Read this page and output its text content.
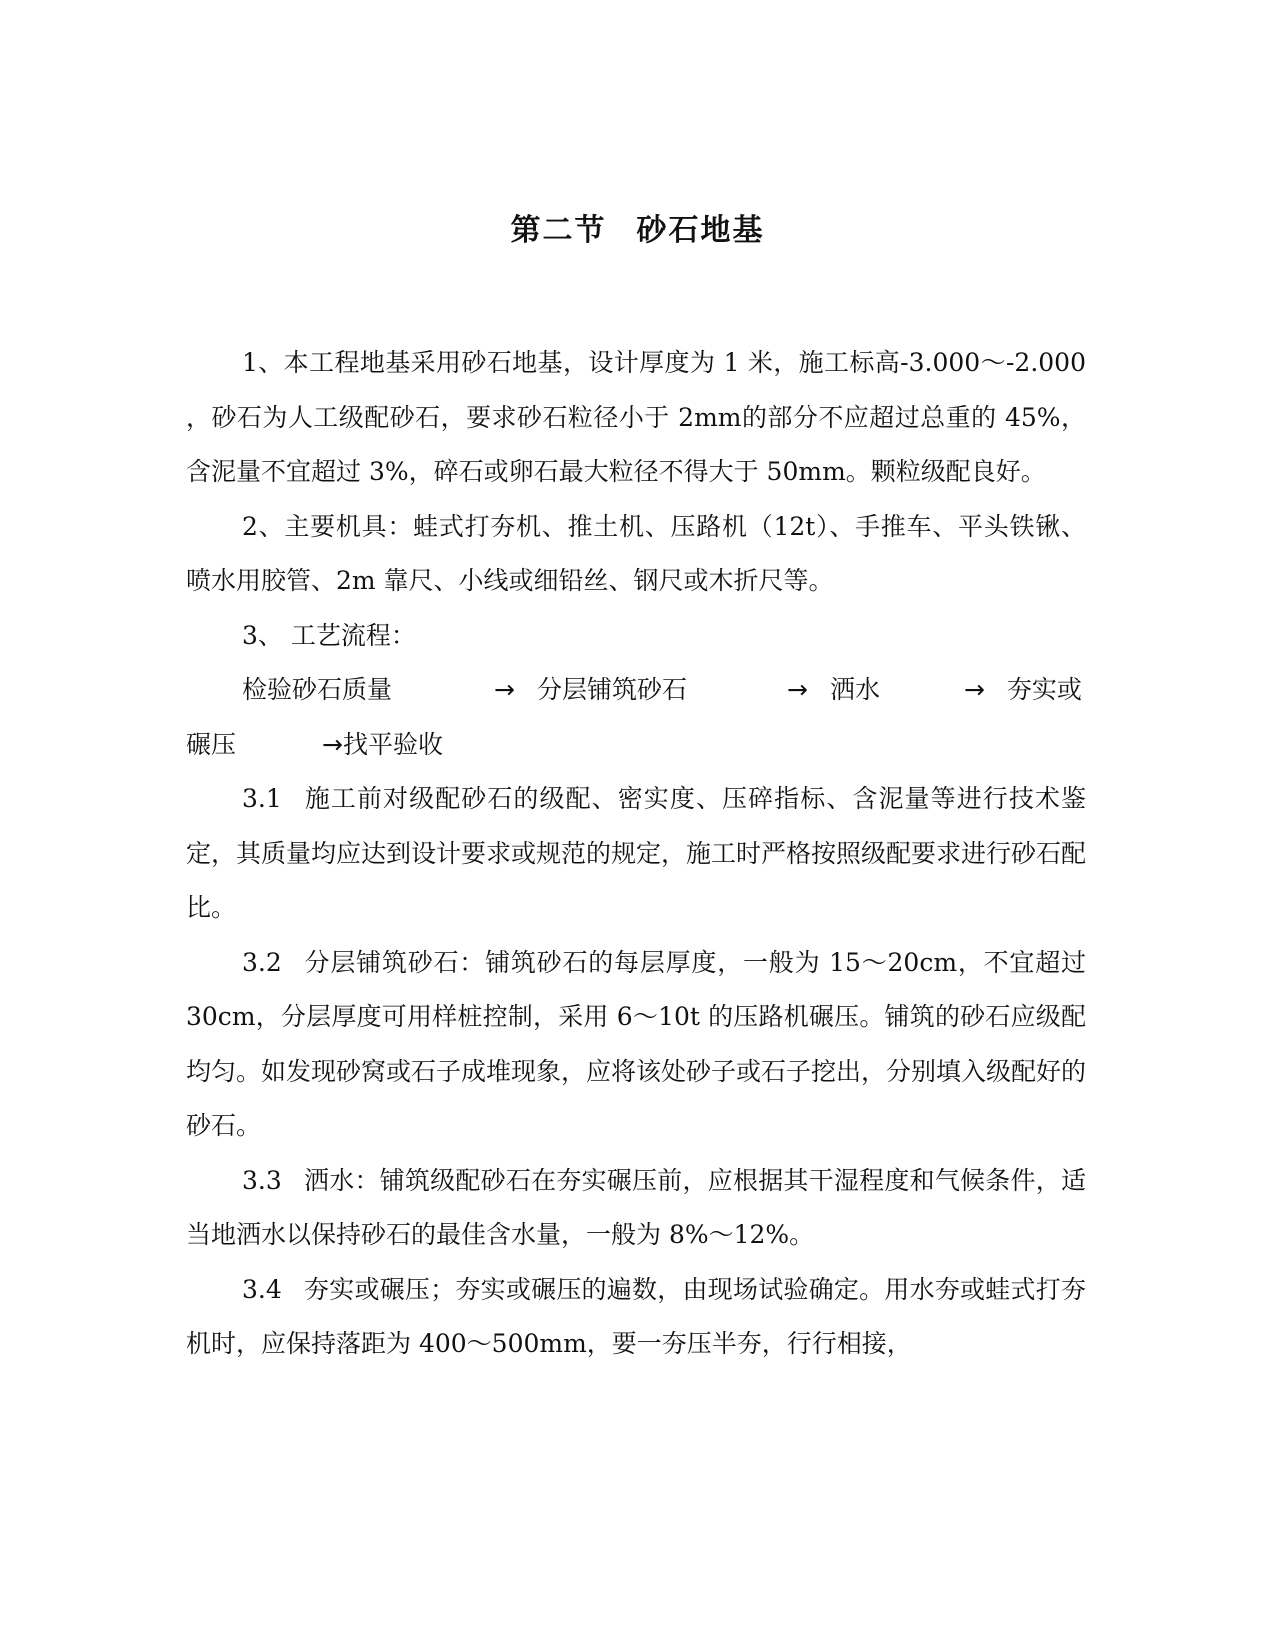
第二节 砂石地基

1、本工程地基采用砂石地基，设计厚度为 1 米，施工标高-3.000～-2.000 ，砂石为人工级配砂石，要求砂石粒径小于 2mm的部分不应超过总重的 45%，含泥量不宜超过 3%，碎石或卵石最大粒径不得大于 50mm。颗粒级配良好。

2、主要机具：蛙式打夯机、推土机、压路机（12t）、手推车、平头铁锹、喷水用胶管、2m 靠尺、小线或细铅丝、钢尺或木折尺等。

3、 工艺流程：

检验砂石质量	→ 分层铺筑砂石	→ 洒水	→ 夯实或碾压	→找平验收

3.1 施工前对级配砂石的级配、密实度、压碎指标、含泥量等进行技术鉴定，其质量均应达到设计要求或规范的规定，施工时严格按照级配要求进行砂石配比。

3.2 分层铺筑砂石：铺筑砂石的每层厚度，一般为 15～20cm，不宜超过 30cm，分层厚度可用样桩控制，采用 6～10t 的压路机碾压。铺筑的砂石应级配均匀。如发现砂窝或石子成堆现象，应将该处砂子或石子挖出，分别填入级配好的砂石。

3.3 洒水：铺筑级配砂石在夯实碾压前，应根据其干湿程度和气候条件，适当地洒水以保持砂石的最佳含水量，一般为 8%～12%。

3.4 夯实或碾压；夯实或碾压的遍数，由现场试验确定。用水夯或蛙式打夯机时，应保持落距为 400～500mm，要一夯压半夯，行行相接，
